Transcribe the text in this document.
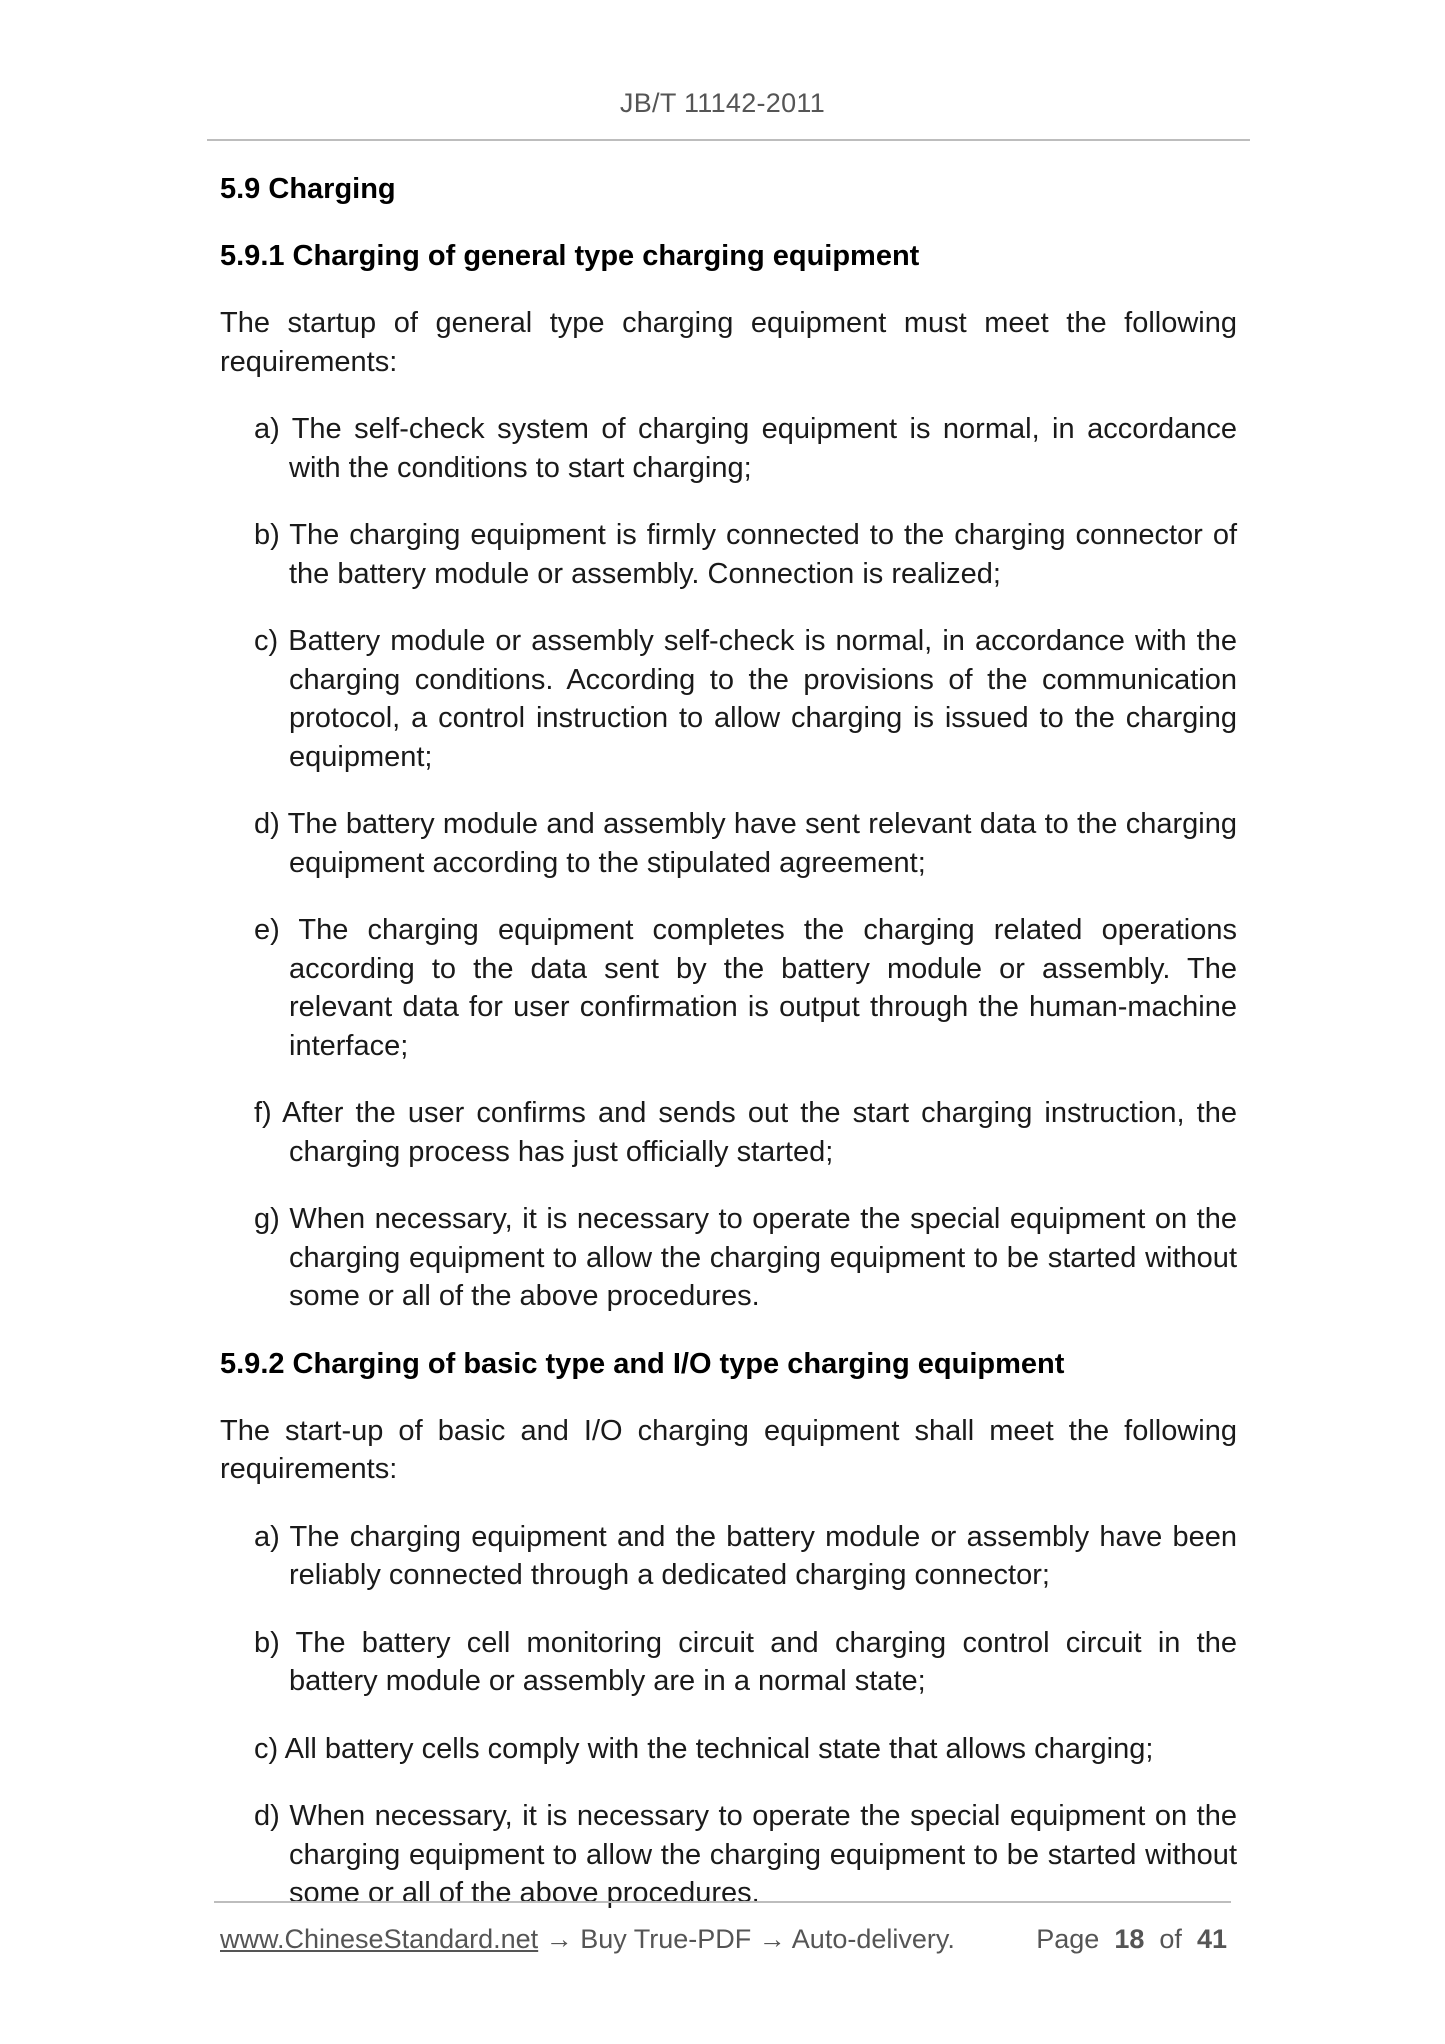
JB/T 11142-2011
5.9 Charging
5.9.1 Charging of general type charging equipment
The startup of general type charging equipment must meet the following requirements:
a) The self-check system of charging equipment is normal, in accordance with the conditions to start charging;
b) The charging equipment is firmly connected to the charging connector of the battery module or assembly. Connection is realized;
c) Battery module or assembly self-check is normal, in accordance with the charging conditions. According to the provisions of the communication protocol, a control instruction to allow charging is issued to the charging equipment;
d) The battery module and assembly have sent relevant data to the charging equipment according to the stipulated agreement;
e) The charging equipment completes the charging related operations according to the data sent by the battery module or assembly. The relevant data for user confirmation is output through the human-machine interface;
f) After the user confirms and sends out the start charging instruction, the charging process has just officially started;
g) When necessary, it is necessary to operate the special equipment on the charging equipment to allow the charging equipment to be started without some or all of the above procedures.
5.9.2 Charging of basic type and I/O type charging equipment
The start-up of basic and I/O charging equipment shall meet the following requirements:
a) The charging equipment and the battery module or assembly have been reliably connected through a dedicated charging connector;
b) The battery cell monitoring circuit and charging control circuit in the battery module or assembly are in a normal state;
c) All battery cells comply with the technical state that allows charging;
d) When necessary, it is necessary to operate the special equipment on the charging equipment to allow the charging equipment to be started without some or all of the above procedures.
www.ChineseStandard.net → Buy True-PDF → Auto-delivery.	Page 18 of 41
